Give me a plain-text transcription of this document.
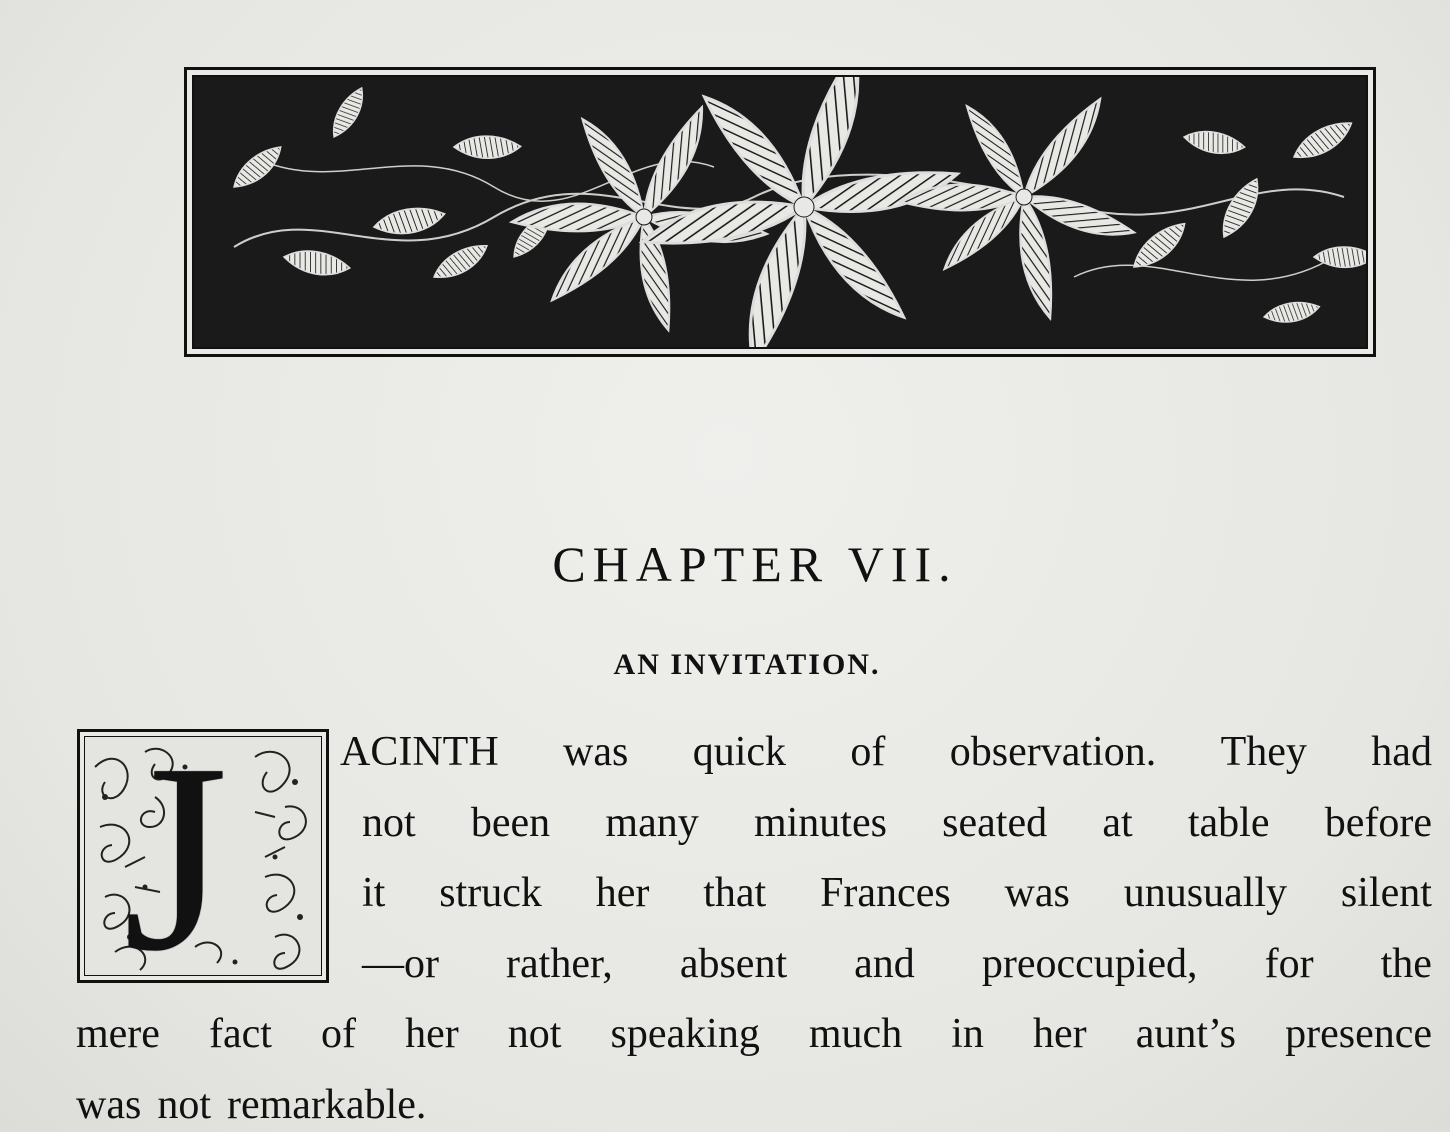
CHAPTER VII.
AN INVITATION.
J	ACINTH was quick of observation. They had
not been many minutes seated at table before
it struck her that Frances was unusually silent
—or rather, absent and preoccupied, for the
mere fact of her not speaking much in her aunt’s presence
was not remarkable.
